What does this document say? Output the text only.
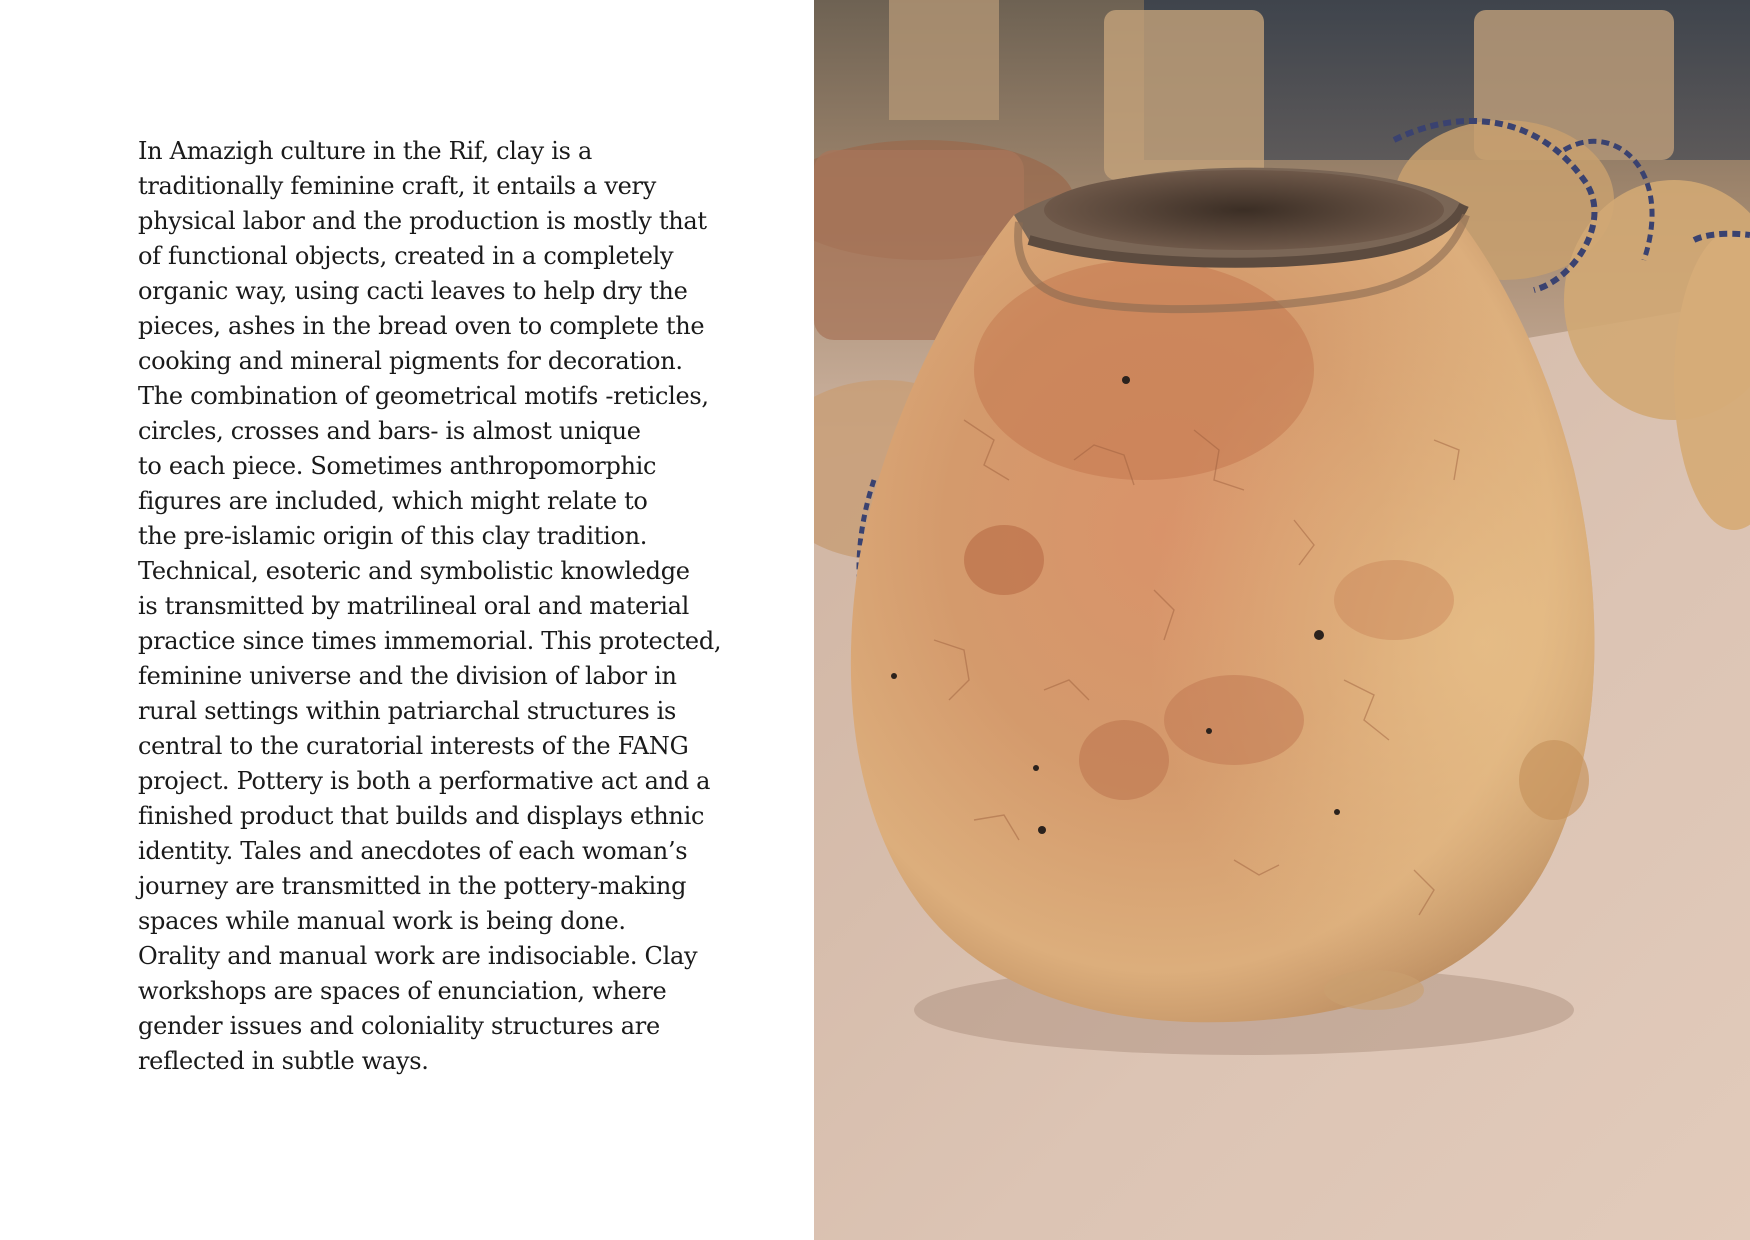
In Amazigh culture in the Rif, clay is a
traditionally feminine craft, it entails a very
physical labor and the production is mostly that
of functional objects, created in a completely
organic way, using cacti leaves to help dry the
pieces, ashes in the bread oven to complete the
cooking and mineral pigments for decoration.
The combination of geometrical motifs -reticles,
circles, crosses and bars- is almost unique
to each piece. Sometimes anthropomorphic
figures are included, which might relate to
the pre-islamic origin of this clay tradition.
Technical, esoteric and symbolistic knowledge
is transmitted by matrilineal oral and material
practice since times immemorial. This protected,
feminine universe and the division of labor in
rural settings within patriarchal structures is
central to the curatorial interests of the FANG
project. Pottery is both a performative act and a
finished product that builds and displays ethnic
identity. Tales and anecdotes of each woman’s
journey are transmitted in the pottery-making
spaces while manual work is being done.
Orality and manual work are indisociable. Clay
workshops are spaces of enunciation, where
gender issues and coloniality structures are
reflected in subtle ways.
